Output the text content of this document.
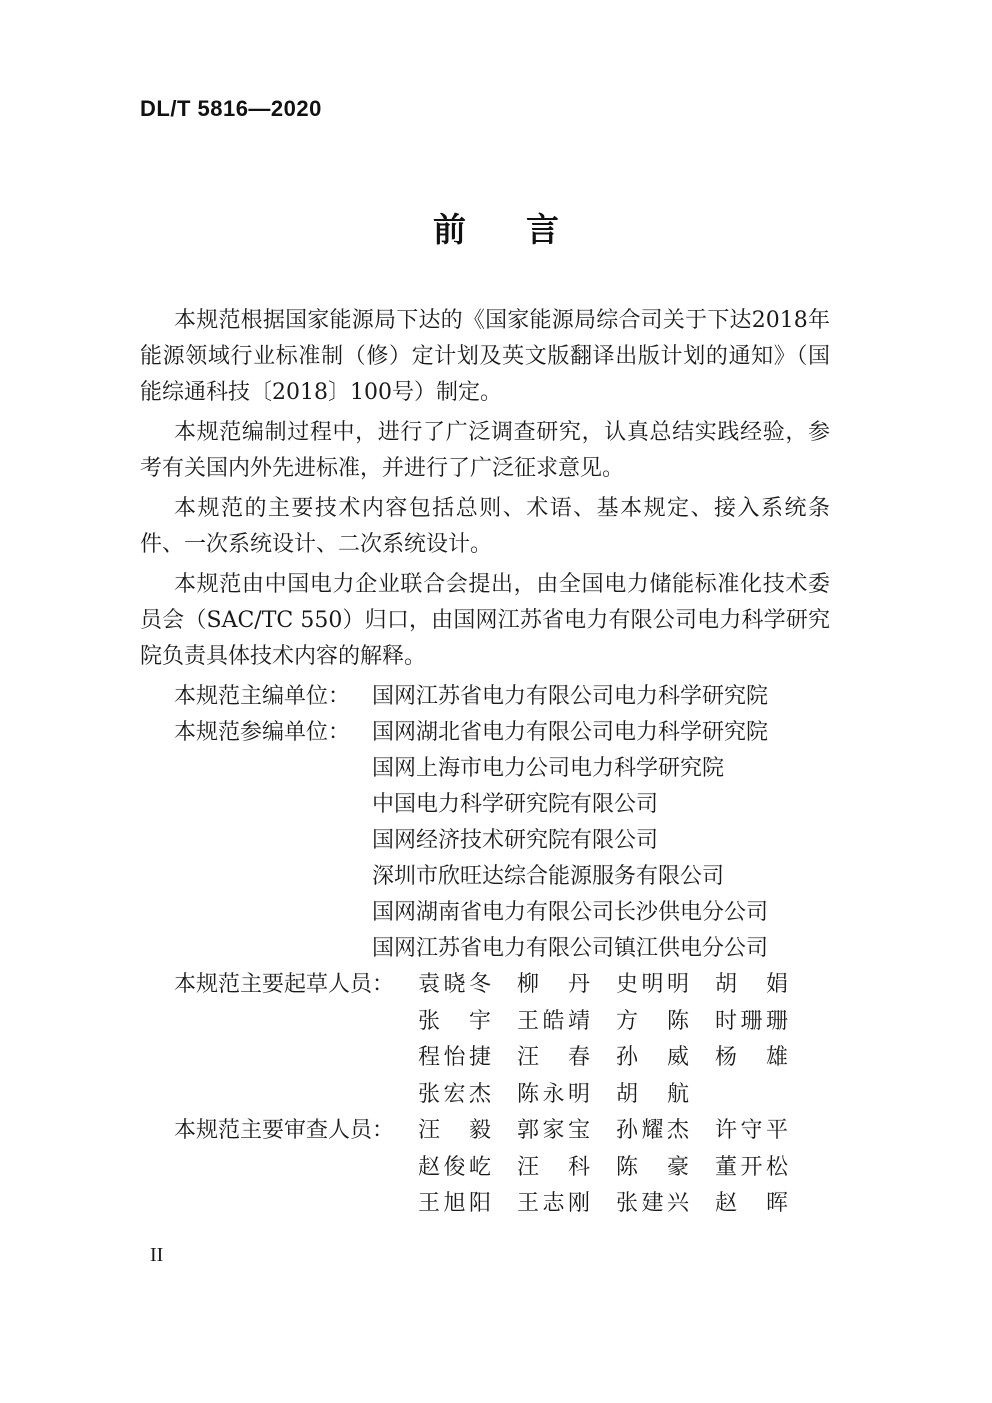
DL/T 5816—2020
前 言

本规范根据国家能源局下达的《国家能源局综合司关于下达2018年能源领域行业标准制（修）定计划及英文版翻译出版计划的通知》（国能综通科技〔2018〕100号）制定。

本规范编制过程中，进行了广泛调查研究，认真总结实践经验，参考有关国内外先进标准，并进行了广泛征求意见。

本规范的主要技术内容包括总则、术语、基本规定、接入系统条件、一次系统设计、二次系统设计。

本规范由中国电力企业联合会提出，由全国电力储能标准化技术委员会（SAC/TC 550）归口，由国网江苏省电力有限公司电力科学研究院负责具体技术内容的解释。

本规范主编单位： 国网江苏省电力有限公司电力科学研究院
本规范参编单位： 国网湖北省电力有限公司电力科学研究院
国网上海市电力公司电力科学研究院
中国电力科学研究院有限公司
国网经济技术研究院有限公司
深圳市欣旺达综合能源服务有限公司
国网湖南省电力有限公司长沙供电分公司
国网江苏省电力有限公司镇江供电分公司
本规范主要起草人员：	袁晓冬	柳　丹	史明明	胡　娟
张　宇	王皓靖	方　陈	时珊珊
程怡捷	汪　春	孙　威	杨　雄
张宏杰	陈永明	胡　航
本规范主要审查人员：	汪　毅	郭家宝	孙耀杰	许守平
赵俊屹	汪　科	陈　豪	董开松
王旭阳	王志刚	张建兴	赵　晖
II
